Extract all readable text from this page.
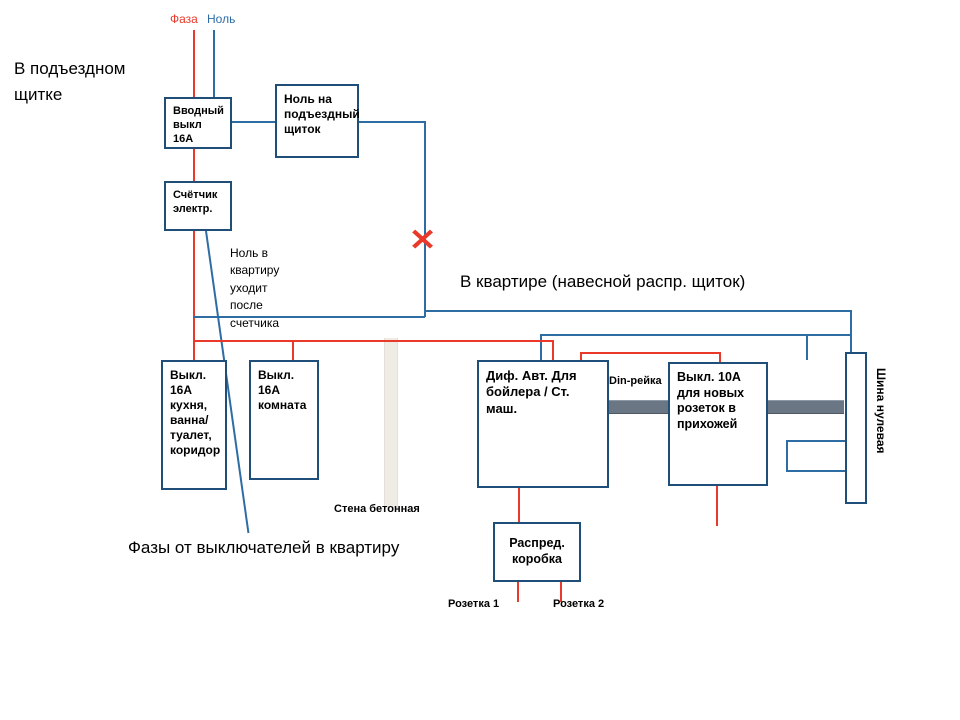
Фаза Ноль
В подъездном щитке
Вводный выкл 16А
Ноль на подъездный щиток
✕
Счётчик электр.
Ноль в квартиру уходит после счетчика
В квартире (навесной распр. щиток)
Стена бетонная
Выкл. 16А кухня, ванна/туалет, коридор
Выкл. 16А комната
Диф. Авт. Для бойлера / Ст. маш.
Din-рейка	Выкл. 10А для новых розеток в прихожей	Шина нулевая
Распред. коробка
Розетка 1	Розетка 2
Фазы от выключателей в квартиру
